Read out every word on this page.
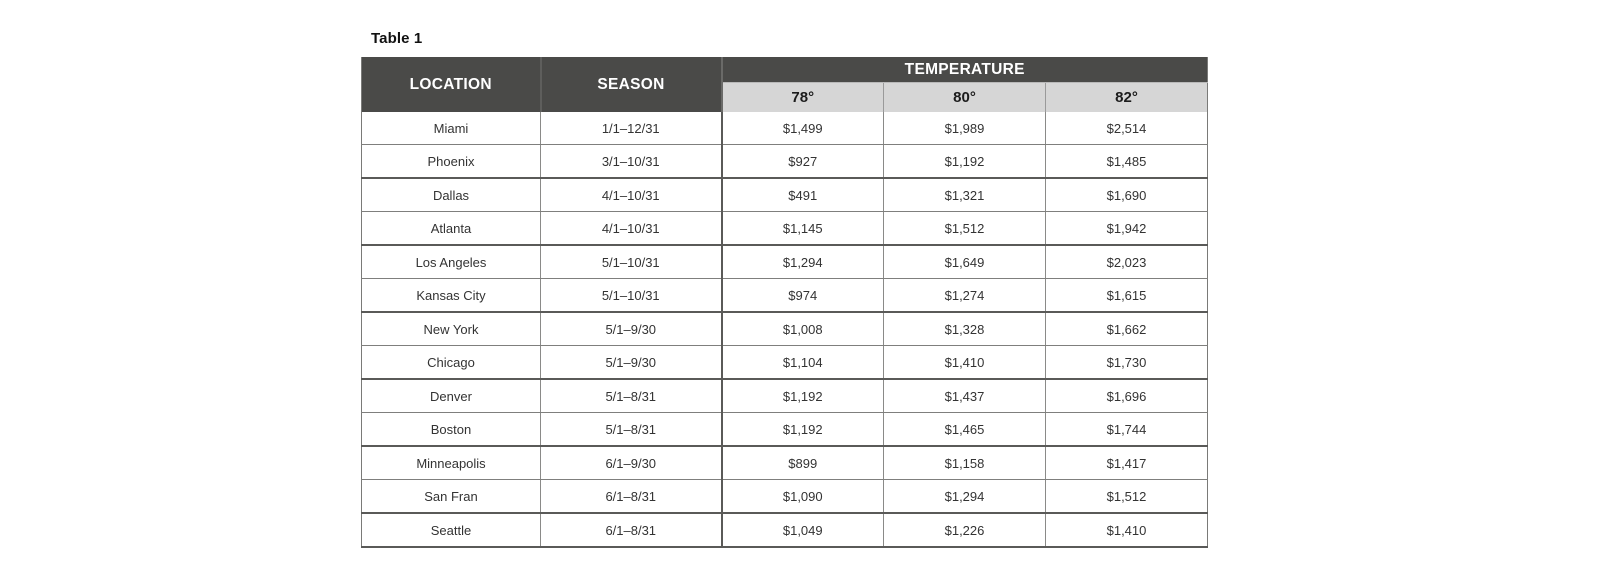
Table 1
LOCATION	SEASON	TEMPERATURE		
		78°	80°	82°
Miami	1/1–12/31	$1,499	$1,989	$2,514
Phoenix	3/1–10/31	$927	$1,192	$1,485
Dallas	4/1–10/31	$491	$1,321	$1,690
Atlanta	4/1–10/31	$1,145	$1,512	$1,942
Los Angeles	5/1–10/31	$1,294	$1,649	$2,023
Kansas City	5/1–10/31	$974	$1,274	$1,615
New York	5/1–9/30	$1,008	$1,328	$1,662
Chicago	5/1–9/30	$1,104	$1,410	$1,730
Denver	5/1–8/31	$1,192	$1,437	$1,696
Boston	5/1–8/31	$1,192	$1,465	$1,744
Minneapolis	6/1–9/30	$899	$1,158	$1,417
San Fran	6/1–8/31	$1,090	$1,294	$1,512
Seattle	6/1–8/31	$1,049	$1,226	$1,410
